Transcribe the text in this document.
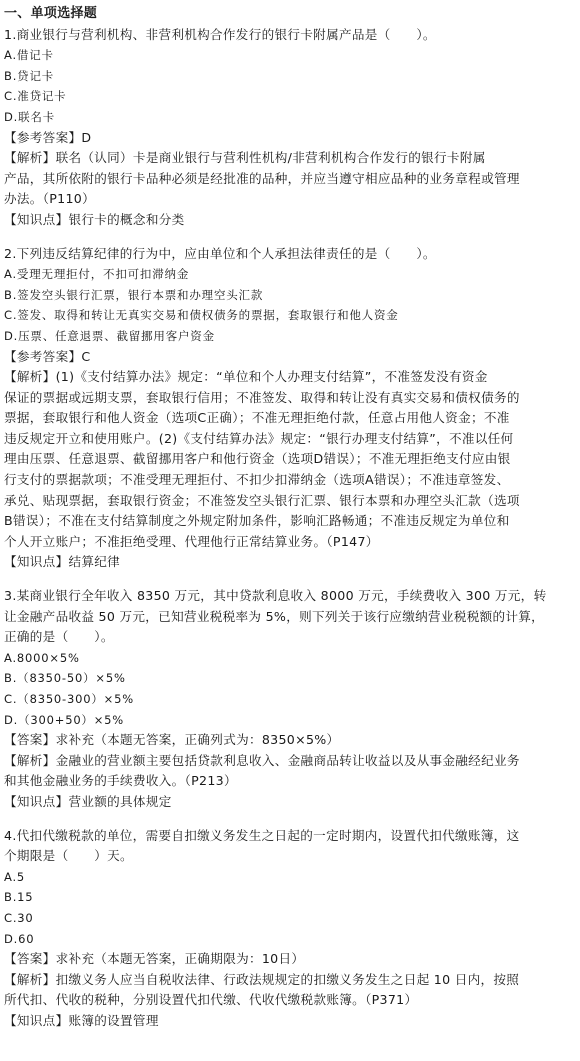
一、单项选择题
1.商业银行与营利机构、非营利机构合作发行的银行卡附属产品是（　　）。
A.借记卡
B.贷记卡
C.准贷记卡
D.联名卡
【参考答案】D
【解析】联名（认同）卡是商业银行与营利性机构/非营利机构合作发行的银行卡附属
产品，其所依附的银行卡品种必须是经批准的品种，并应当遵守相应品种的业务章程或管理
办法。（P110）
【知识点】银行卡的概念和分类
2.下列违反结算纪律的行为中，应由单位和个人承担法律责任的是（　　）。
A.受理无理拒付，不扣可扣滞纳金
B.签发空头银行汇票，银行本票和办理空头汇款
C.签发、取得和转让无真实交易和债权债务的票据，套取银行和他人资金
D.压票、任意退票、截留挪用客户资金
【参考答案】C
【解析】(1)《支付结算办法》规定：“单位和个人办理支付结算”，不准签发没有资金
保证的票据或远期支票，套取银行信用；不准签发、取得和转让没有真实交易和债权债务的
票据，套取银行和他人资金（选项C正确）；不准无理拒绝付款，任意占用他人资金；不准
违反规定开立和使用账户。(2)《支付结算办法》规定：“银行办理支付结算”，不准以任何
理由压票、任意退票、截留挪用客户和他行资金（选项D错误）；不准无理拒绝支付应由银
行支付的票据款项；不准受理无理拒付、不扣少扣滞纳金（选项A错误）；不准违章签发、
承兑、贴现票据，套取银行资金；不准签发空头银行汇票、银行本票和办理空头汇款（选项
B错误）；不准在支付结算制度之外规定附加条件，影响汇路畅通；不准违反规定为单位和
个人开立账户；不准拒绝受理、代理他行正常结算业务。（P147）
【知识点】结算纪律
3.某商业银行全年收入 8350 万元，其中贷款利息收入 8000 万元，手续费收入 300 万元，转
让金融产品收益 50 万元，已知营业税税率为 5%，则下列关于该行应缴纳营业税税额的计算，
正确的是（　　）。
A.8000×5%
B.（8350-50）×5%
C.（8350-300）×5%
D.（300+50）×5%
【答案】求补充（本题无答案，正确列式为：8350×5%）
【解析】金融业的营业额主要包括贷款利息收入、金融商品转让收益以及从事金融经纪业务
和其他金融业务的手续费收入。（P213）
【知识点】营业额的具体规定
4.代扣代缴税款的单位，需要自扣缴义务发生之日起的一定时期内，设置代扣代缴账簿，这
个期限是（　　）天。
A.5
B.15
C.30
D.60
【答案】求补充（本题无答案，正确期限为：10日）
【解析】扣缴义务人应当自税收法律、行政法规规定的扣缴义务发生之日起 10 日内，按照
所代扣、代收的税种，分别设置代扣代缴、代收代缴税款账簿。（P371）
【知识点】账簿的设置管理
